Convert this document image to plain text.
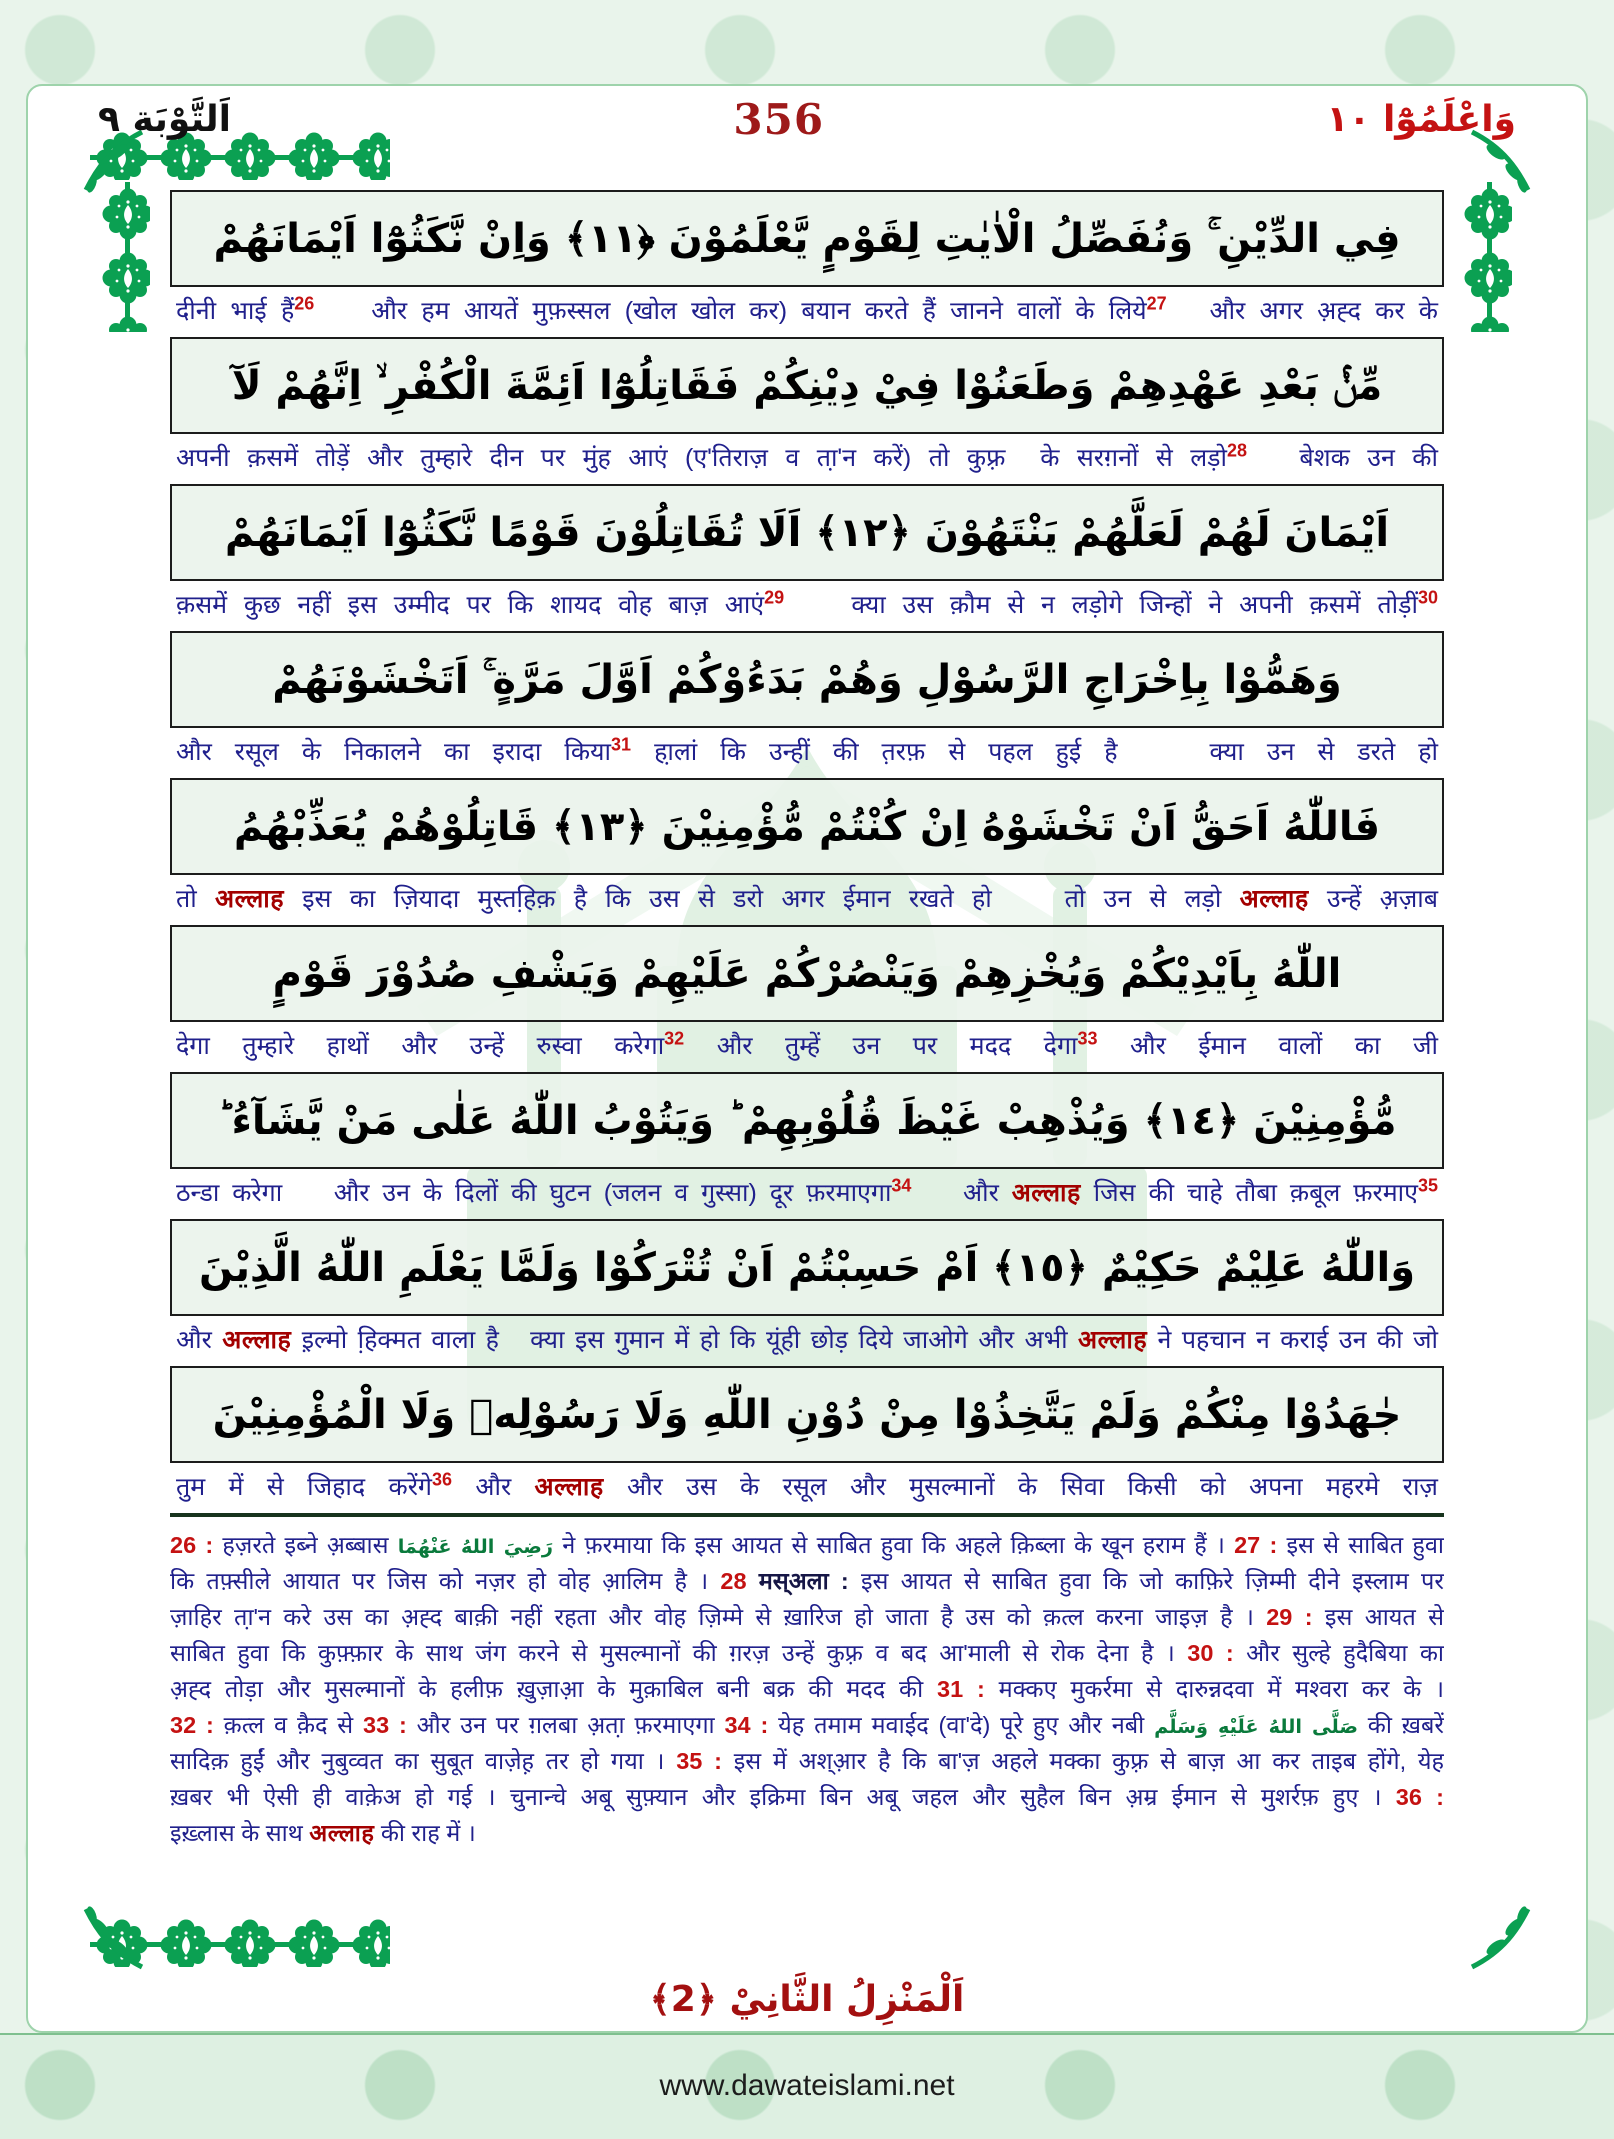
اَلتَّوْبَة ٩	356	وَاعْلَمُوْٓا ١٠
فِي الدِّيْنِ ۚ وَنُفَصِّلُ الْاٰيٰتِ لِقَوْمٍ يَّعْلَمُوْنَ ﴿١١﴾ وَاِنْ نَّكَثُوْٓا اَيْمَانَهُمْ
दीनी भाई हैं$^{26}$    और हम आयतें मुफ़स्सल (खोल खोल कर) बयान करते हैं जानने वालों के लिये$^{27}$   और अगर अ़ह्द कर के
مِّنْۢ بَعْدِ عَهْدِهِمْ وَطَعَنُوْا فِيْ دِيْنِكُمْ فَقَاتِلُوْٓا اَئِمَّةَ الْكُفْرِ ۙ اِنَّهُمْ لَآ
अपनी क़समें तोड़ें और तुम्हारे दीन पर मुंह आएं (ए'तिराज़ व ता़'न करें) तो कुफ़्र  के सरग़नों से लड़ो$^{28}$   बेशक उन की
اَيْمَانَ لَهُمْ لَعَلَّهُمْ يَنْتَهُوْنَ ﴿١٢﴾ اَلَا تُقَاتِلُوْنَ قَوْمًا نَّكَثُوْٓا اَيْمَانَهُمْ
क़समें कुछ नहीं इस उम्मीद पर कि शायद वोह बाज़ आएं$^{29}$    क्या उस क़ौम से न लड़ोगे जिन्हों ने अपनी क़समें तोड़ीं$^{30}$
وَهَمُّوْا بِاِخْرَاجِ الرَّسُوْلِ وَهُمْ بَدَءُوْكُمْ اَوَّلَ مَرَّةٍ ۚ اَتَخْشَوْنَهُمْ
और रसूल के निकालने का इरादा किया$^{31}$ हा़लां कि उन्हीं की त़रफ़ से पहल हुई है    क्या उन से डरते हो
فَاللّٰهُ اَحَقُّ اَنْ تَخْشَوْهُ اِنْ كُنْتُمْ مُّؤْمِنِيْنَ ﴿١٣﴾ قَاتِلُوْهُمْ يُعَذِّبْهُمُ
तो अल्लाह इस का ज़ियादा मुस्तहि़क़ है कि उस से डरो अगर ईमान रखते हो    तो उन से लड़ो अल्लाह उन्हें अ़ज़ाब
اللّٰهُ بِاَيْدِيْكُمْ وَيُخْزِهِمْ وَيَنْصُرْكُمْ عَلَيْهِمْ وَيَشْفِ صُدُوْرَ قَوْمٍ
देगा  तुम्हारे  हाथों  और  उन्हें  रुस्वा  करेगा$^{32}$  और  तुम्हें  उन  पर  मदद  देगा$^{33}$  और  ईमान  वालों  का  जी
مُّؤْمِنِيْنَ ﴿١٤﴾ وَيُذْهِبْ غَيْظَ قُلُوْبِهِمْ ؕ وَيَتُوْبُ اللّٰهُ عَلٰى مَنْ يَّشَآءُ ؕ
ठन्डा करेगा    और उन के दिलों की घुटन (जलन व गुस्सा) दूर फ़रमाएगा$^{34}$    और अल्लाह जिस की चाहे तौबा क़बूल फ़रमाए$^{35}$
وَاللّٰهُ عَلِيْمٌ حَكِيْمٌ ﴿١٥﴾ اَمْ حَسِبْتُمْ اَنْ تُتْرَكُوْا وَلَمَّا يَعْلَمِ اللّٰهُ الَّذِيْنَ
और अल्लाह इ़ल्मो हि़क्मत वाला है   क्या इस गुमान में हो कि यूंही छोड़ दिये जाओगे और अभी अल्लाह ने पहचान न कराई उन की जो
جٰهَدُوْا مِنْكُمْ وَلَمْ يَتَّخِذُوْا مِنْ دُوْنِ اللّٰهِ وَلَا رَسُوْلِهٖ وَلَا الْمُؤْمِنِيْنَ
तुम में से जिहाद करेंगे$^{36}$ और अल्लाह और उस के रसूल और मुसल्मानों के सिवा किसी को अपना महरमे राज़
26 : हज़रते इब्ने अ़ब्बास رَضِيَ اللهُ عَنْهُمَا ने फ़रमाया कि इस आयत से साबित हुवा कि अहले क़िब्ला के खून हराम हैं । 27 : इस से साबित हुवा
कि तफ़्सीले आयात पर जिस को नज़र हो वोह आ़लिम है । 28 मस्अला : इस आयत से साबित हुवा कि जो काफ़िरे ज़िम्मी दीने इस्लाम पर
ज़ाहिर ता़'न करे उस का अ़ह्द बाक़ी नहीं रहता और वोह ज़िम्मे से ख़ारिज हो जाता है उस को क़त्ल करना जाइज़ है । 29 : इस आयत से
साबित हुवा कि कुफ़्फ़ार के साथ जंग करने से मुसल्मानों की ग़रज़ उन्हें कुफ़्र व बद आ'माली से रोक देना है । 30 : और सुल्हे हुदैबिया का
अ़ह्द तोड़ा और मुसल्मानों के हलीफ़ ख़ुज़ाआ़ के मुक़ाबिल बनी बक्र की मदद की 31 : मक्कए मुकर्रमा से दारुन्नदवा में मश्वरा कर के ।
32 : क़त्ल व क़ैद से 33 : और उन पर ग़लबा अ़ता़ फ़रमाएगा 34 : येह तमाम मवाईद (वा'दे) पूरे हुए और नबी صَلَّى اللهُ عَلَيْهِ وَسَلَّم की ख़बरें
सादिक़ हुईं और नुबुव्वत का सुबूत वाज़ेह़ तर हो गया । 35 : इस में अश्आ़र है कि बा'ज़ अहले मक्का कुफ़्र से बाज़ आ कर ताइब होंगे, येह
ख़बर भी ऐसी ही वाके़अ हो गई । चुनान्चे अबू सुफ़्यान और इक्रिमा बिन अबू जहल और सुहैल बिन अ़म्र ईमान से मुशर्रफ़ हुए । 36 :
इख़्लास के साथ अल्लाह की राह में ।
اَلْمَنْزِلُ الثَّانِيْ ﴿2﴾
www.dawateislami.net
